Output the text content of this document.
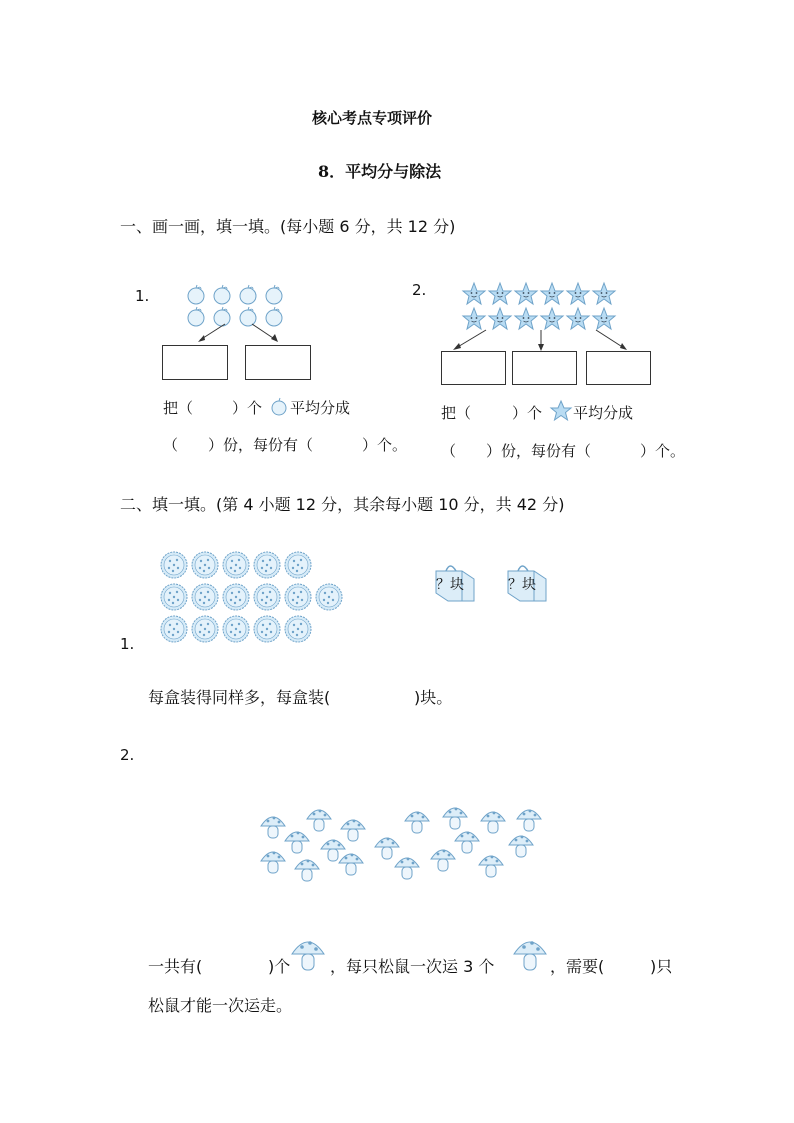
核心考点专项评价
8．平均分与除法
一、画一画，填一填。(每小题 6 分，共 12 分)
1.
把（	）个 平均分成
（ ）份，每份有（	）个。
2.
把（	）个 平均分成
（ ）份，每份有（	）个。
二、填一填。(第 4 小题 12 分，其余每小题 10 分，共 42 分)
1.
？块	？块
每盒装得同样多，每盒装(	)块。
2.
一共有(	)个 ，每只松鼠一次运 3 个	，需要(	)只
松鼠才能一次运走。
